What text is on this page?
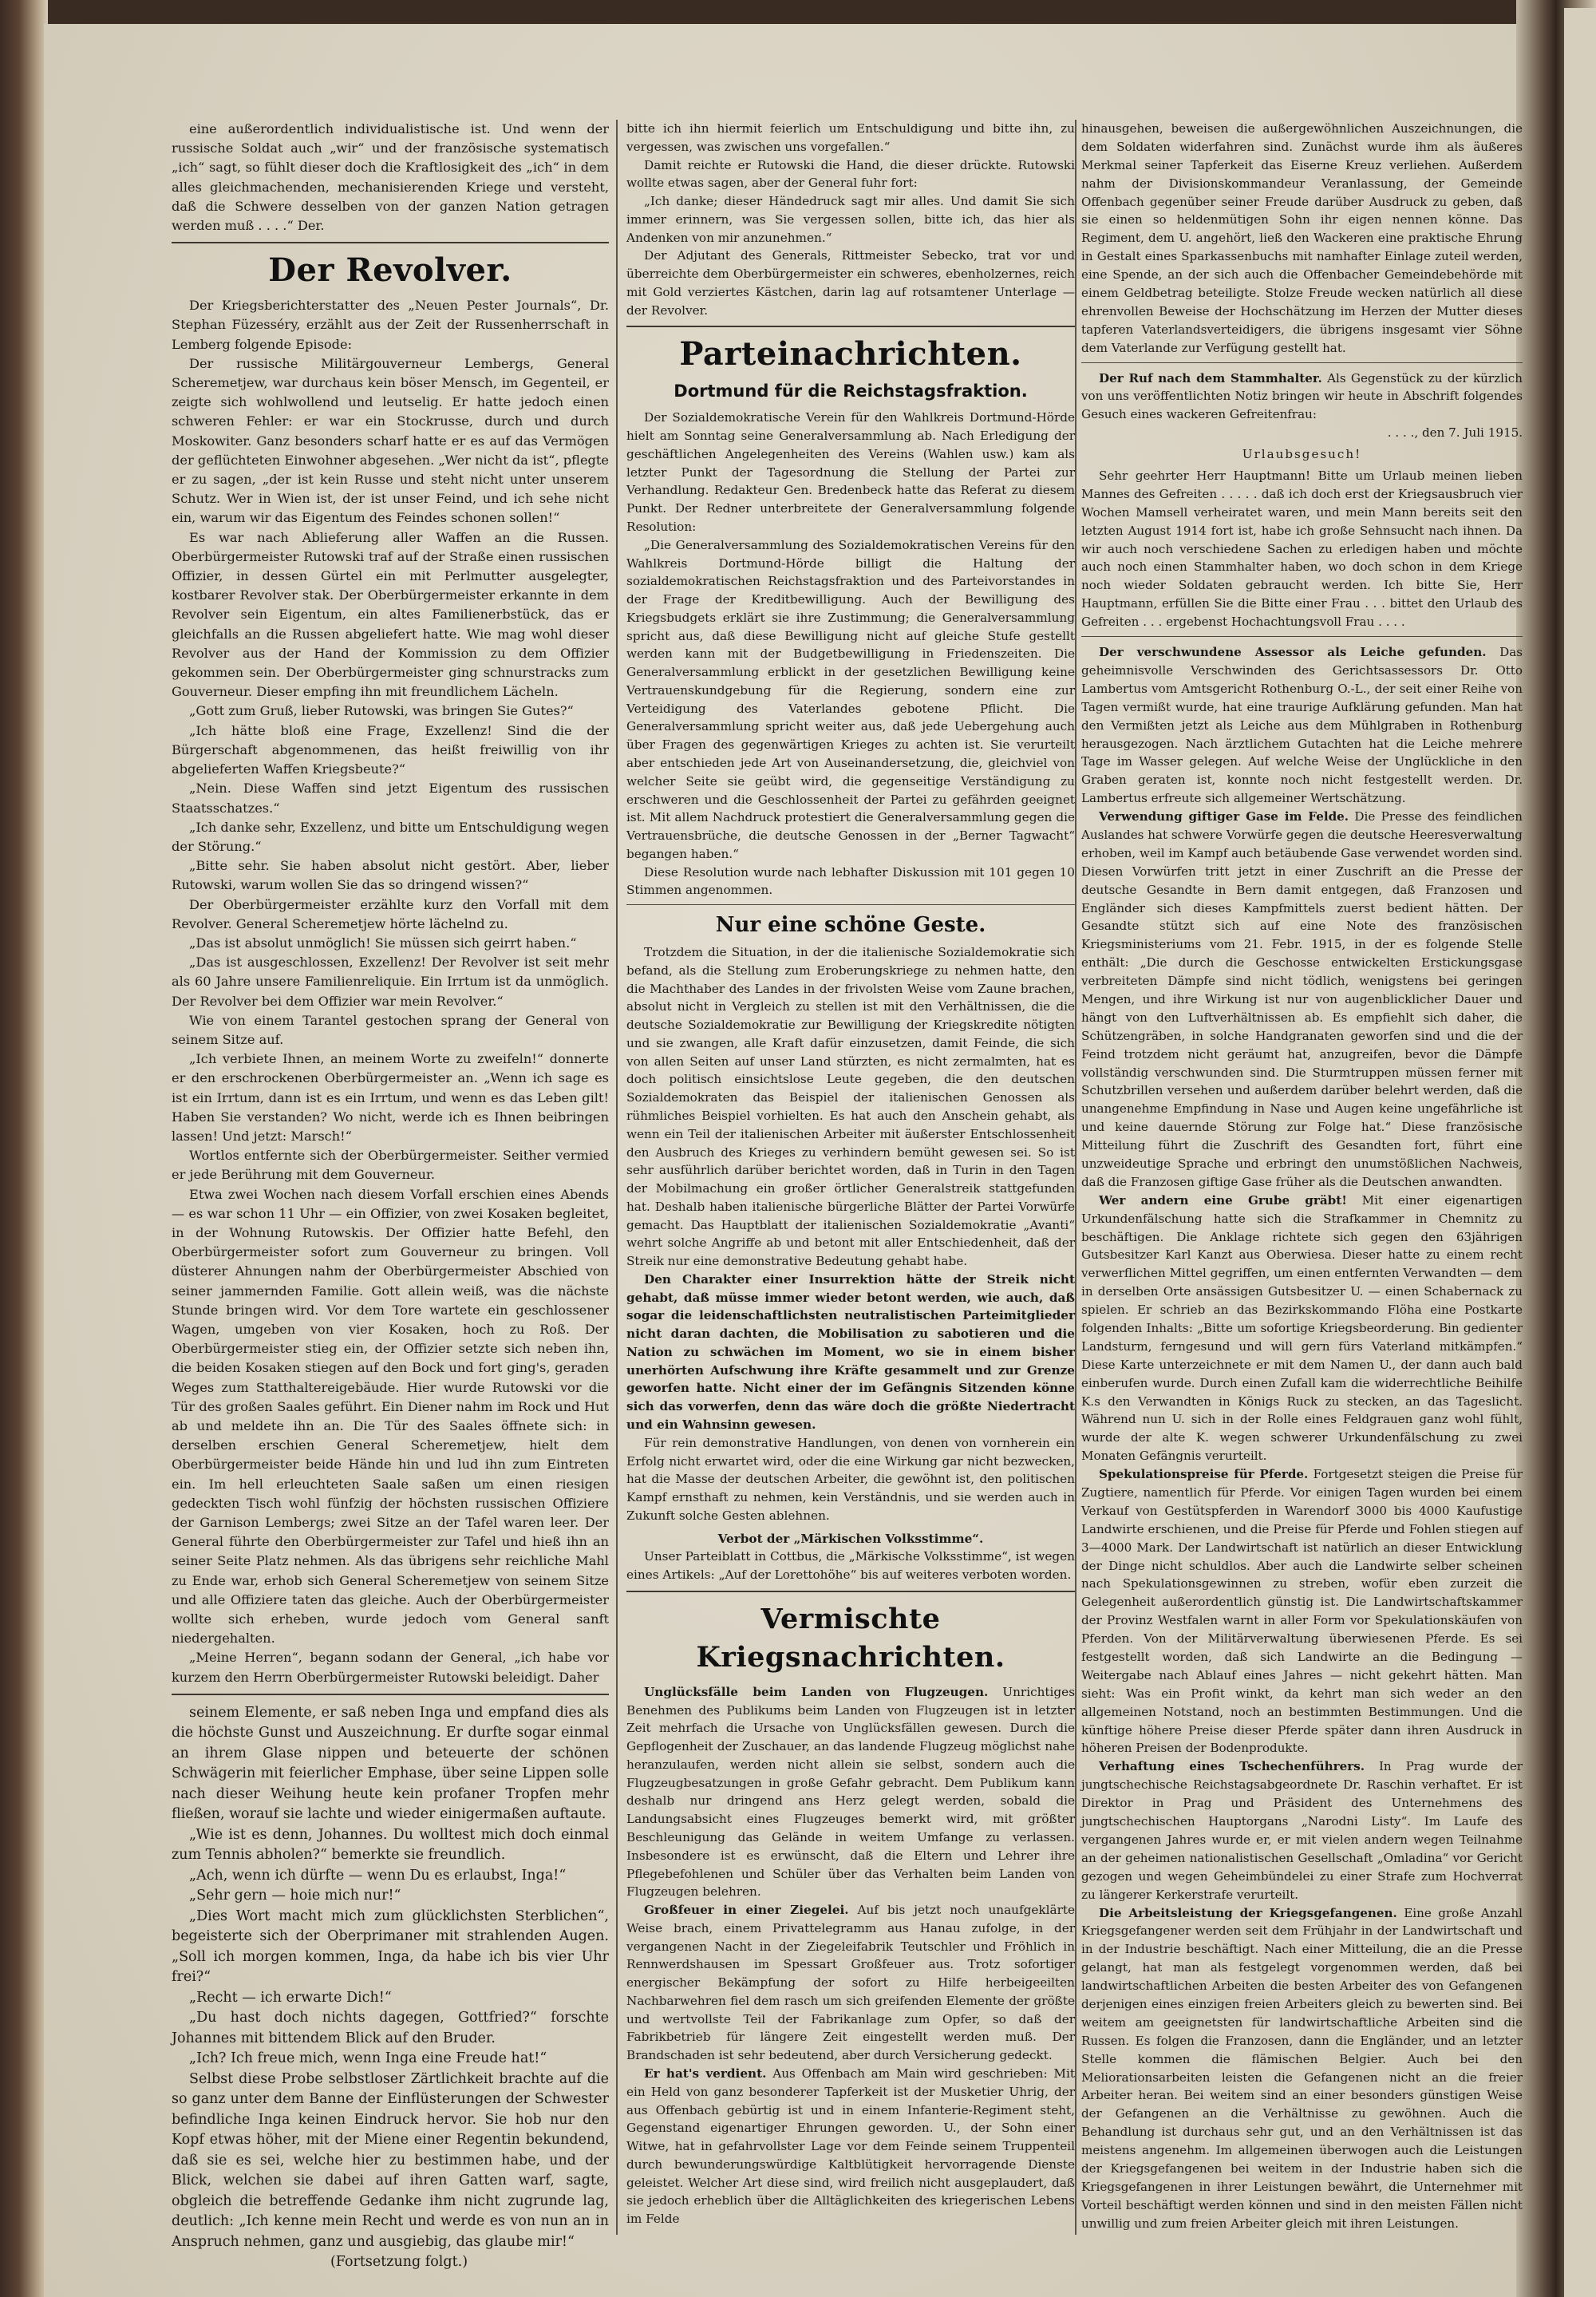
eine außerordentlich individualistische ist. Und wenn der russische Soldat auch „wir“ und der französische systematisch „ich“ sagt, so fühlt dieser doch die Kraftlosigkeit des „ich“ in dem alles gleichmachenden, mechanisierenden Kriege und versteht, daß die Schwere desselben von der ganzen Nation getragen werden muß . . . .“ Der.

Der Revolver.

Der Kriegsberichterstatter des „Neuen Pester Journals“, Dr. Stephan Füzesséry, erzählt aus der Zeit der Russenherrschaft in Lemberg folgende Episode:

Der russische Militärgouverneur Lembergs, General Scheremetjew, war durchaus kein böser Mensch, im Gegenteil, er zeigte sich wohlwollend und leutselig. Er hatte jedoch einen schweren Fehler: er war ein Stockrusse, durch und durch Moskowiter. Ganz besonders scharf hatte er es auf das Vermögen der geflüchteten Einwohner abgesehen. „Wer nicht da ist“, pflegte er zu sagen, „der ist kein Russe und steht nicht unter unserem Schutz. Wer in Wien ist, der ist unser Feind, und ich sehe nicht ein, warum wir das Eigentum des Feindes schonen sollen!“

Es war nach Ablieferung aller Waffen an die Russen. Oberbürgermeister Rutowski traf auf der Straße einen russischen Offizier, in dessen Gürtel ein mit Perlmutter ausgelegter, kostbarer Revolver stak. Der Oberbürgermeister erkannte in dem Revolver sein Eigentum, ein altes Familienerbstück, das er gleichfalls an die Russen abgeliefert hatte. Wie mag wohl dieser Revolver aus der Hand der Kommission zu dem Offizier gekommen sein. Der Oberbürgermeister ging schnurstracks zum Gouverneur. Dieser empfing ihn mit freundlichem Lächeln.

„Gott zum Gruß, lieber Rutowski, was bringen Sie Gutes?“

„Ich hätte bloß eine Frage, Exzellenz! Sind die der Bürgerschaft abgenommenen, das heißt freiwillig von ihr abgelieferten Waffen Kriegsbeute?“

„Nein. Diese Waffen sind jetzt Eigentum des russischen Staatsschatzes.“

„Ich danke sehr, Exzellenz, und bitte um Entschuldigung wegen der Störung.“

„Bitte sehr. Sie haben absolut nicht gestört. Aber, lieber Rutowski, warum wollen Sie das so dringend wissen?“

Der Oberbürgermeister erzählte kurz den Vorfall mit dem Revolver. General Scheremetjew hörte lächelnd zu.

„Das ist absolut unmöglich! Sie müssen sich geirrt haben.“

„Das ist ausgeschlossen, Exzellenz! Der Revolver ist seit mehr als 60 Jahre unsere Familienreliquie. Ein Irrtum ist da unmöglich. Der Revolver bei dem Offizier war mein Revolver.“

Wie von einem Tarantel gestochen sprang der General von seinem Sitze auf.

„Ich verbiete Ihnen, an meinem Worte zu zweifeln!“ donnerte er den erschrockenen Oberbürgermeister an. „Wenn ich sage es ist ein Irrtum, dann ist es ein Irrtum, und wenn es das Leben gilt! Haben Sie verstanden? Wo nicht, werde ich es Ihnen beibringen lassen! Und jetzt: Marsch!“

Wortlos entfernte sich der Oberbürgermeister. Seither vermied er jede Berührung mit dem Gouverneur.

Etwa zwei Wochen nach diesem Vorfall erschien eines Abends — es war schon 11 Uhr — ein Offizier, von zwei Kosaken begleitet, in der Wohnung Rutowskis. Der Offizier hatte Befehl, den Oberbürgermeister sofort zum Gouverneur zu bringen. Voll düsterer Ahnungen nahm der Oberbürgermeister Abschied von seiner jammernden Familie. Gott allein weiß, was die nächste Stunde bringen wird. Vor dem Tore wartete ein geschlossener Wagen, umgeben von vier Kosaken, hoch zu Roß. Der Oberbürgermeister stieg ein, der Offizier setzte sich neben ihn, die beiden Kosaken stiegen auf den Bock und fort ging's, geraden Weges zum Statthaltereigebäude. Hier wurde Rutowski vor die Tür des großen Saales geführt. Ein Diener nahm im Rock und Hut ab und meldete ihn an. Die Tür des Saales öffnete sich: in derselben erschien General Scheremetjew, hielt dem Oberbürgermeister beide Hände hin und lud ihn zum Eintreten ein. Im hell erleuchteten Saale saßen um einen riesigen gedeckten Tisch wohl fünfzig der höchsten russischen Offiziere der Garnison Lembergs; zwei Sitze an der Tafel waren leer. Der General führte den Oberbürgermeister zur Tafel und hieß ihn an seiner Seite Platz nehmen. Als das übrigens sehr reichliche Mahl zu Ende war, erhob sich General Scheremetjew von seinem Sitze und alle Offiziere taten das gleiche. Auch der Oberbürgermeister wollte sich erheben, wurde jedoch vom General sanft niedergehalten.

„Meine Herren“, begann sodann der General, „ich habe vor kurzem den Herrn Oberbürgermeister Rutowski beleidigt. Daher

seinem Elemente, er saß neben Inga und empfand dies als die höchste Gunst und Auszeichnung. Er durfte sogar einmal an ihrem Glase nippen und beteuerte der schönen Schwägerin mit feierlicher Emphase, über seine Lippen solle nach dieser Weihung heute kein profaner Tropfen mehr fließen, worauf sie lachte und wieder einigermaßen auftaute.

„Wie ist es denn, Johannes. Du wolltest mich doch einmal zum Tennis abholen?“ bemerkte sie freundlich.

„Ach, wenn ich dürfte — wenn Du es erlaubst, Inga!“

„Sehr gern — hoie mich nur!“

„Dies Wort macht mich zum glücklichsten Sterblichen“, begeisterte sich der Oberprimaner mit strahlenden Augen. „Soll ich morgen kommen, Inga, da habe ich bis vier Uhr frei?“

„Recht — ich erwarte Dich!“

„Du hast doch nichts dagegen, Gottfried?“ forschte Johannes mit bittendem Blick auf den Bruder.

„Ich? Ich freue mich, wenn Inga eine Freude hat!“

Selbst diese Probe selbstloser Zärtlichkeit brachte auf die so ganz unter dem Banne der Einflüsterungen der Schwester befindliche Inga keinen Eindruck hervor. Sie hob nur den Kopf etwas höher, mit der Miene einer Regentin bekundend, daß sie es sei, welche hier zu bestimmen habe, und der Blick, welchen sie dabei auf ihren Gatten warf, sagte, obgleich die betreffende Gedanke ihm nicht zugrunde lag, deutlich: „Ich kenne mein Recht und werde es von nun an in Anspruch nehmen, ganz und ausgiebig, das glaube mir!“

(Fortsetzung folgt.)

bitte ich ihn hiermit feierlich um Entschuldigung und bitte ihn, zu vergessen, was zwischen uns vorgefallen.“

Damit reichte er Rutowski die Hand, die dieser drückte. Rutowski wollte etwas sagen, aber der General fuhr fort:

„Ich danke; dieser Händedruck sagt mir alles. Und damit Sie sich immer erinnern, was Sie vergessen sollen, bitte ich, das hier als Andenken von mir anzunehmen.“

Der Adjutant des Generals, Rittmeister Sebecko, trat vor und überreichte dem Oberbürgermeister ein schweres, ebenholzernes, reich mit Gold verziertes Kästchen, darin lag auf rotsamtener Unterlage — der Revolver.

Parteinachrichten.
Dortmund für die Reichstagsfraktion.

Der Sozialdemokratische Verein für den Wahlkreis Dortmund-Hörde hielt am Sonntag seine Generalversammlung ab. Nach Erledigung der geschäftlichen Angelegenheiten des Vereins (Wahlen usw.) kam als letzter Punkt der Tagesordnung die Stellung der Partei zur Verhandlung. Redakteur Gen. Bredenbeck hatte das Referat zu diesem Punkt. Der Redner unterbreitete der Generalversammlung folgende Resolution:

„Die Generalversammlung des Sozialdemokratischen Vereins für den Wahlkreis Dortmund-Hörde billigt die Haltung der sozialdemokratischen Reichstagsfraktion und des Parteivorstandes in der Frage der Kreditbewilligung. Auch der Bewilligung des Kriegsbudgets erklärt sie ihre Zustimmung; die Generalversammlung spricht aus, daß diese Bewilligung nicht auf gleiche Stufe gestellt werden kann mit der Budgetbewilligung in Friedenszeiten. Die Generalversammlung erblickt in der gesetzlichen Bewilligung keine Vertrauenskundgebung für die Regierung, sondern eine zur Verteidigung des Vaterlandes gebotene Pflicht. Die Generalversammlung spricht weiter aus, daß jede Uebergehung auch über Fragen des gegenwärtigen Krieges zu achten ist. Sie verurteilt aber entschieden jede Art von Auseinandersetzung, die, gleichviel von welcher Seite sie geübt wird, die gegenseitige Verständigung zu erschweren und die Geschlossenheit der Partei zu gefährden geeignet ist. Mit allem Nachdruck protestiert die Generalversammlung gegen die Vertrauensbrüche, die deutsche Genossen in der „Berner Tagwacht“ begangen haben.“

Diese Resolution wurde nach lebhafter Diskussion mit 101 gegen 10 Stimmen angenommen.

Nur eine schöne Geste.

Trotzdem die Situation, in der die italienische Sozialdemokratie sich befand, als die Stellung zum Eroberungskriege zu nehmen hatte, den die Machthaber des Landes in der frivolsten Weise vom Zaune brachen, absolut nicht in Vergleich zu stellen ist mit den Verhältnissen, die die deutsche Sozialdemokratie zur Bewilligung der Kriegskredite nötigten und sie zwangen, alle Kraft dafür einzusetzen, damit Feinde, die sich von allen Seiten auf unser Land stürzten, es nicht zermalmten, hat es doch politisch einsichtslose Leute gegeben, die den deutschen Sozialdemokraten das Beispiel der italienischen Genossen als rühmliches Beispiel vorhielten. Es hat auch den Anschein gehabt, als wenn ein Teil der italienischen Arbeiter mit äußerster Entschlossenheit den Ausbruch des Krieges zu verhindern bemüht gewesen sei. So ist sehr ausführlich darüber berichtet worden, daß in Turin in den Tagen der Mobilmachung ein großer örtlicher Generalstreik stattgefunden hat. Deshalb haben italienische bürgerliche Blätter der Partei Vorwürfe gemacht. Das Hauptblatt der italienischen Sozialdemokratie „Avanti“ wehrt solche Angriffe ab und betont mit aller Entschiedenheit, daß der Streik nur eine demonstrative Bedeutung gehabt habe.

Den Charakter einer Insurrektion hätte der Streik nicht gehabt, daß müsse immer wieder betont werden, wie auch, daß sogar die leidenschaftlichsten neutralistischen Parteimitglieder nicht daran dachten, die Mobilisation zu sabotieren und die Nation zu schwächen im Moment, wo sie in einem bisher unerhörten Aufschwung ihre Kräfte gesammelt und zur Grenze geworfen hatte. Nicht einer der im Gefängnis Sitzenden könne sich das vorwerfen, denn das wäre doch die größte Niedertracht und ein Wahnsinn gewesen.

Für rein demonstrative Handlungen, von denen von vornherein ein Erfolg nicht erwartet wird, oder die eine Wirkung gar nicht bezwecken, hat die Masse der deutschen Arbeiter, die gewöhnt ist, den politischen Kampf ernsthaft zu nehmen, kein Verständnis, und sie werden auch in Zukunft solche Gesten ablehnen.

Verbot der „Märkischen Volksstimme“.

Unser Parteiblatt in Cottbus, die „Märkische Volksstimme“, ist wegen eines Artikels: „Auf der Lorettohöhe“ bis auf weiteres verboten worden.

Vermischte Kriegsnachrichten.

Unglücksfälle beim Landen von Flugzeugen. Unrichtiges Benehmen des Publikums beim Landen von Flugzeugen ist in letzter Zeit mehrfach die Ursache von Unglücksfällen gewesen. Durch die Gepflogenheit der Zuschauer, an das landende Flugzeug möglichst nahe heranzulaufen, werden nicht allein sie selbst, sondern auch die Flugzeugbesatzungen in große Gefahr gebracht. Dem Publikum kann deshalb nur dringend ans Herz gelegt werden, sobald die Landungsabsicht eines Flugzeuges bemerkt wird, mit größter Beschleunigung das Gelände in weitem Umfange zu verlassen. Insbesondere ist es erwünscht, daß die Eltern und Lehrer ihre Pflegebefohlenen und Schüler über das Verhalten beim Landen von Flugzeugen belehren.

Großfeuer in einer Ziegelei. Auf bis jetzt noch unaufgeklärte Weise brach, einem Privattelegramm aus Hanau zufolge, in der vergangenen Nacht in der Ziegeleifabrik Teutschler und Fröhlich in Rennwerdshausen im Spessart Großfeuer aus. Trotz sofortiger energischer Bekämpfung der sofort zu Hilfe herbeigeeilten Nachbarwehren fiel dem rasch um sich greifenden Elemente der größte und wertvollste Teil der Fabrikanlage zum Opfer, so daß der Fabrikbetrieb für längere Zeit eingestellt werden muß. Der Brandschaden ist sehr bedeutend, aber durch Versicherung gedeckt.

Er hat's verdient. Aus Offenbach am Main wird geschrieben: Mit ein Held von ganz besonderer Tapferkeit ist der Musketier Uhrig, der aus Offenbach gebürtig ist und in einem Infanterie-Regiment steht, Gegenstand eigenartiger Ehrungen geworden. U., der Sohn einer Witwe, hat in gefahrvollster Lage vor dem Feinde seinem Truppenteil durch bewunderungswürdige Kaltblütigkeit hervorragende Dienste geleistet. Welcher Art diese sind, wird freilich nicht ausgeplaudert, daß sie jedoch erheblich über die Alltäglichkeiten des kriegerischen Lebens im Felde

hinausgehen, beweisen die außergewöhnlichen Auszeichnungen, die dem Soldaten widerfahren sind. Zunächst wurde ihm als äußeres Merkmal seiner Tapferkeit das Eiserne Kreuz verliehen. Außerdem nahm der Divisionskommandeur Veranlassung, der Gemeinde Offenbach gegenüber seiner Freude darüber Ausdruck zu geben, daß sie einen so heldenmütigen Sohn ihr eigen nennen könne. Das Regiment, dem U. angehört, ließ den Wackeren eine praktische Ehrung in Gestalt eines Sparkassenbuchs mit namhafter Einlage zuteil werden, eine Spende, an der sich auch die Offenbacher Gemeindebehörde mit einem Geldbetrag beteiligte. Stolze Freude wecken natürlich all diese ehrenvollen Beweise der Hochschätzung im Herzen der Mutter dieses tapferen Vaterlandsverteidigers, die übrigens insgesamt vier Söhne dem Vaterlande zur Verfügung gestellt hat.

Der Ruf nach dem Stammhalter. Als Gegenstück zu der kürzlich von uns veröffentlichten Notiz bringen wir heute in Abschrift folgendes Gesuch eines wackeren Gefreitenfrau:

. . . ., den 7. Juli 1915.

Urlaubsgesuch!

Sehr geehrter Herr Hauptmann! Bitte um Urlaub meinen lieben Mannes des Gefreiten . . . . . daß ich doch erst der Kriegsausbruch vier Wochen Mamsell verheiratet waren, und mein Mann bereits seit den letzten August 1914 fort ist, habe ich große Sehnsucht nach ihnen. Da wir auch noch verschiedene Sachen zu erledigen haben und möchte auch noch einen Stammhalter haben, wo doch schon in dem Kriege noch wieder Soldaten gebraucht werden. Ich bitte Sie, Herr Hauptmann, erfüllen Sie die Bitte einer Frau . . . bittet den Urlaub des Gefreiten . . . ergebenst Hochachtungsvoll Frau . . . .

Der verschwundene Assessor als Leiche gefunden. Das geheimnisvolle Verschwinden des Gerichtsassessors Dr. Otto Lambertus vom Amtsgericht Rothenburg O.-L., der seit einer Reihe von Tagen vermißt wurde, hat eine traurige Aufklärung gefunden. Man hat den Vermißten jetzt als Leiche aus dem Mühlgraben in Rothenburg herausgezogen. Nach ärztlichem Gutachten hat die Leiche mehrere Tage im Wasser gelegen. Auf welche Weise der Unglückliche in den Graben geraten ist, konnte noch nicht festgestellt werden. Dr. Lambertus erfreute sich allgemeiner Wertschätzung.

Verwendung giftiger Gase im Felde. Die Presse des feindlichen Auslandes hat schwere Vorwürfe gegen die deutsche Heeresverwaltung erhoben, weil im Kampf auch betäubende Gase verwendet worden sind. Diesen Vorwürfen tritt jetzt in einer Zuschrift an die Presse der deutsche Gesandte in Bern damit entgegen, daß Franzosen und Engländer sich dieses Kampfmittels zuerst bedient hätten. Der Gesandte stützt sich auf eine Note des französischen Kriegsministeriums vom 21. Febr. 1915, in der es folgende Stelle enthält: „Die durch die Geschosse entwickelten Erstickungsgase verbreiteten Dämpfe sind nicht tödlich, wenigstens bei geringen Mengen, und ihre Wirkung ist nur von augenblicklicher Dauer und hängt von den Luftverhältnissen ab. Es empfiehlt sich daher, die Schützengräben, in solche Handgranaten geworfen sind und die der Feind trotzdem nicht geräumt hat, anzugreifen, bevor die Dämpfe vollständig verschwunden sind. Die Sturmtruppen müssen ferner mit Schutzbrillen versehen und außerdem darüber belehrt werden, daß die unangenehme Empfindung in Nase und Augen keine ungefährliche ist und keine dauernde Störung zur Folge hat.“ Diese französische Mitteilung führt die Zuschrift des Gesandten fort, führt eine unzweideutige Sprache und erbringt den unumstößlichen Nachweis, daß die Franzosen giftige Gase früher als die Deutschen anwandten.

Wer andern eine Grube gräbt! Mit einer eigenartigen Urkundenfälschung hatte sich die Strafkammer in Chemnitz zu beschäftigen. Die Anklage richtete sich gegen den 63jährigen Gutsbesitzer Karl Kanzt aus Oberwiesa. Dieser hatte zu einem recht verwerflichen Mittel gegriffen, um einen entfernten Verwandten — dem in derselben Orte ansässigen Gutsbesitzer U. — einen Schabernack zu spielen. Er schrieb an das Bezirkskommando Flöha eine Postkarte folgenden Inhalts: „Bitte um sofortige Kriegsbeorderung. Bin gedienter Landsturm, ferngesund und will gern fürs Vaterland mitkämpfen.“ Diese Karte unterzeichnete er mit dem Namen U., der dann auch bald einberufen wurde. Durch einen Zufall kam die widerrechtliche Beihilfe K.s den Verwandten in Königs Ruck zu stecken, an das Tageslicht. Während nun U. sich in der Rolle eines Feldgrauen ganz wohl fühlt, wurde der alte K. wegen schwerer Urkundenfälschung zu zwei Monaten Gefängnis verurteilt.

Spekulationspreise für Pferde. Fortgesetzt steigen die Preise für Zugtiere, namentlich für Pferde. Vor einigen Tagen wurden bei einem Verkauf von Gestütspferden in Warendorf 3000 bis 4000 Kaufustige Landwirte erschienen, und die Preise für Pferde und Fohlen stiegen auf 3—4000 Mark. Der Landwirtschaft ist natürlich an dieser Entwicklung der Dinge nicht schuldlos. Aber auch die Landwirte selber scheinen nach Spekulationsgewinnen zu streben, wofür eben zurzeit die Gelegenheit außerordentlich günstig ist. Die Landwirtschaftskammer der Provinz Westfalen warnt in aller Form vor Spekulationskäufen von Pferden. Von der Militärverwaltung überwiesenen Pferde. Es sei festgestellt worden, daß sich Landwirte an die Bedingung — Weitergabe nach Ablauf eines Jahres — nicht gekehrt hätten. Man sieht: Was ein Profit winkt, da kehrt man sich weder an den allgemeinen Notstand, noch an bestimmten Bestimmungen. Und die künftige höhere Preise dieser Pferde später dann ihren Ausdruck in höheren Preisen der Bodenprodukte.

Verhaftung eines Tschechenführers. In Prag wurde der jungtschechische Reichstagsabgeordnete Dr. Raschin verhaftet. Er ist Direktor in Prag und Präsident des Unternehmens des jungtschechischen Hauptorgans „Narodni Listy“. Im Laufe des vergangenen Jahres wurde er, er mit vielen andern wegen Teilnahme an der geheimen nationalistischen Gesellschaft „Omladina“ vor Gericht gezogen und wegen Geheimbündelei zu einer Strafe zum Hochverrat zu längerer Kerkerstrafe verurteilt.

Die Arbeitsleistung der Kriegsgefangenen. Eine große Anzahl Kriegsgefangener werden seit dem Frühjahr in der Landwirtschaft und in der Industrie beschäftigt. Nach einer Mitteilung, die an die Presse gelangt, hat man als festgelegt vorgenommen werden, daß bei landwirtschaftlichen Arbeiten die besten Arbeiter des von Gefangenen derjenigen eines einzigen freien Arbeiters gleich zu bewerten sind. Bei weitem am geeignetsten für landwirtschaftliche Arbeiten sind die Russen. Es folgen die Franzosen, dann die Engländer, und an letzter Stelle kommen die flämischen Belgier. Auch bei den Meliorationsarbeiten leisten die Gefangenen nicht an die freier Arbeiter heran. Bei weitem sind an einer besonders günstigen Weise der Gefangenen an die Verhältnisse zu gewöhnen. Auch die Behandlung ist durchaus sehr gut, und an den Verhältnissen ist das meistens angenehm. Im allgemeinen überwogen auch die Leistungen der Kriegsgefangenen bei weitem in der Industrie haben sich die Kriegsgefangenen in ihrer Leistungen bewährt, die Unternehmer mit Vorteil beschäftigt werden können und sind in den meisten Fällen nicht unwillig und zum freien Arbeiter gleich mit ihren Leistungen.
